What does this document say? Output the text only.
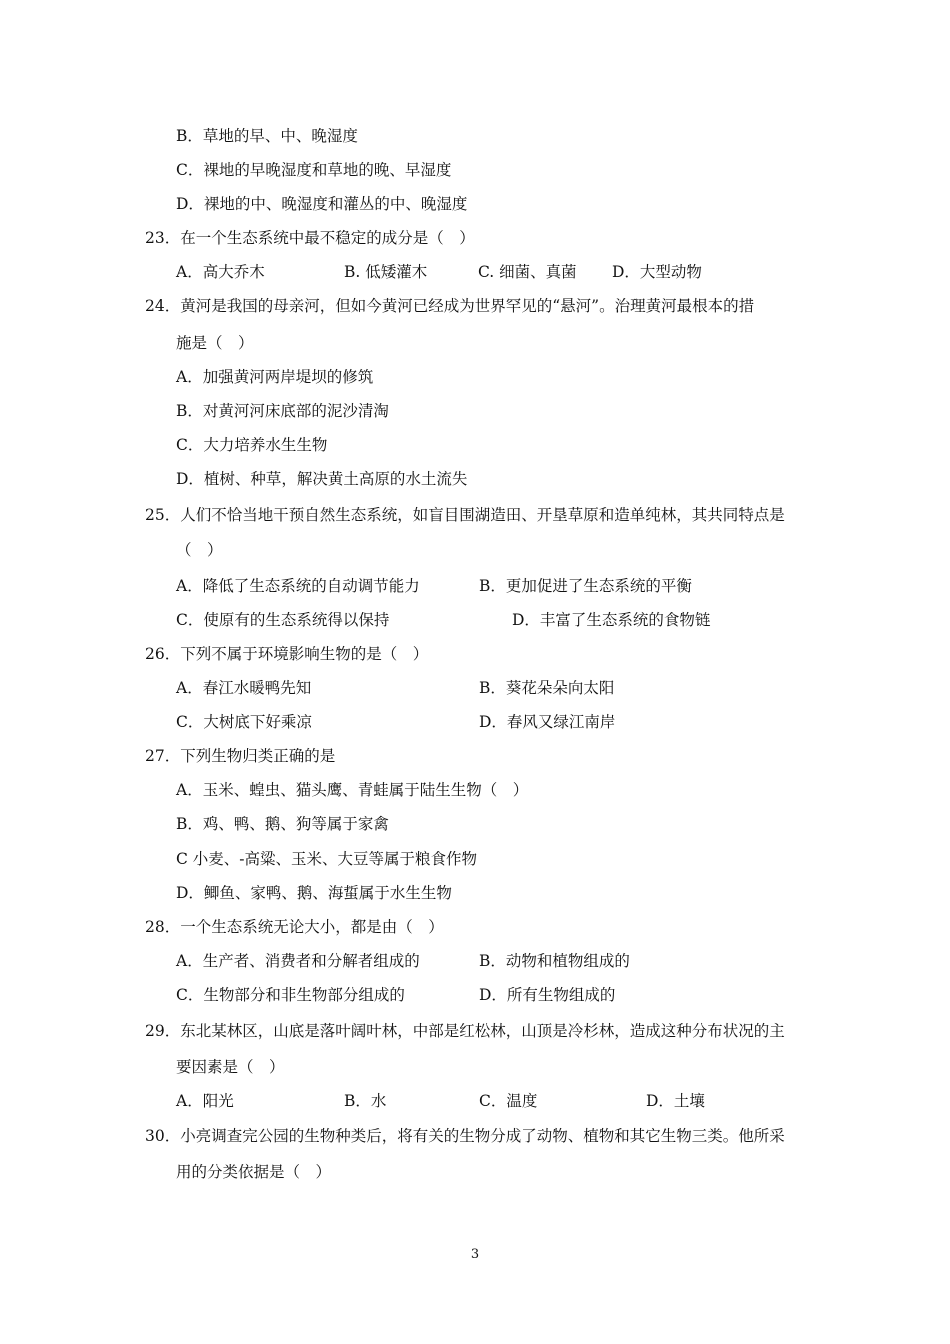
B．草地的早、中、晚湿度
C．裸地的早晚湿度和草地的晚、早湿度
D．裸地的中、晚湿度和灌丛的中、晚湿度
23．在一个生态系统中最不稳定的成分是（　）
A．高大乔木	B. 低矮灌木	C. 细菌、真菌 D．大型动物
24．黄河是我国的母亲河，但如今黄河已经成为世界罕见的“悬河”。治理黄河最根本的措
施是（　）
A．加强黄河两岸堤坝的修筑
B．对黄河河床底部的泥沙清淘
C．大力培养水生生物
D．植树、种草，解决黄土高原的水土流失
25．人们不恰当地干预自然生态系统，如盲目围湖造田、开垦草原和造单纯林，其共同特点是
（　）
A．降低了生态系统的自动调节能力	B．更加促进了生态系统的平衡
C．使原有的生态系统得以保持	D．丰富了生态系统的食物链
26．下列不属于环境影响生物的是（　）
A．春江水暖鸭先知	B．葵花朵朵向太阳
C．大树底下好乘凉	D．春风又绿江南岸
27．下列生物归类正确的是
A．玉米、蝗虫、猫头鹰、青蛙属于陆生生物（　）
B．鸡、鸭、鹅、狗等属于家禽
C 小麦、-高粱、玉米、大豆等属于粮食作物
D．鲫鱼、家鸭、鹅、海蜇属于水生生物
28．一个生态系统无论大小，都是由（　）
A．生产者、消费者和分解者组成的	B．动物和植物组成的
C．生物部分和非生物部分组成的	D．所有生物组成的
29．东北某林区，山底是落叶阔叶林，中部是红松林，山顶是冷杉林，造成这种分布状况的主
要因素是（　）
A．阳光	B．水	C．温度	D．土壤
30．小亮调查完公园的生物种类后，将有关的生物分成了动物、植物和其它生物三类。他所采
用的分类依据是（　）
3
